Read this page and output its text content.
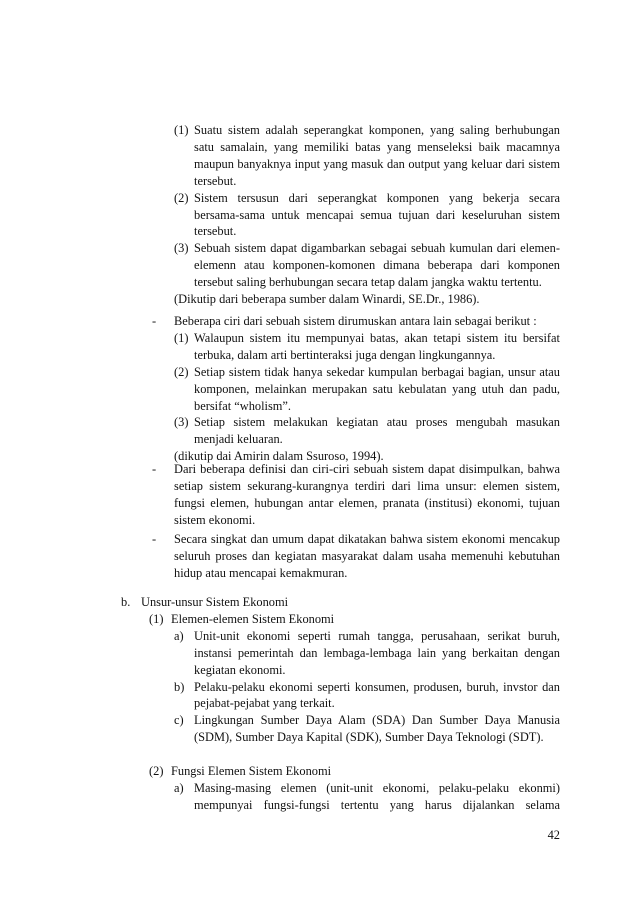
(1) Suatu sistem adalah seperangkat komponen, yang saling berhubungan satu samalain, yang memiliki batas yang menseleksi baik macamnya maupun banyaknya input yang masuk dan output yang keluar dari sistem tersebut.
(2) Sistem tersusun dari seperangkat komponen yang bekerja secara bersama-sama untuk mencapai semua tujuan dari keseluruhan sistem tersebut.
(3) Sebuah sistem dapat digambarkan sebagai sebuah kumulan dari elemen-elemenn atau komponen-komonen dimana beberapa dari komponen tersebut saling berhubungan secara tetap dalam jangka waktu tertentu.
(Dikutip dari beberapa sumber dalam Winardi, SE.Dr., 1986).
-	Beberapa ciri dari sebuah sistem dirumuskan antara lain sebagai berikut :
(1) Walaupun sistem itu mempunyai batas, akan tetapi sistem itu bersifat terbuka, dalam arti bertinteraksi juga dengan lingkungannya.
(2) Setiap sistem tidak hanya sekedar kumpulan berbagai bagian, unsur atau komponen, melainkan merupakan satu kebulatan yang utuh dan padu, bersifat “wholism”.
(3) Setiap sistem melakukan kegiatan atau proses mengubah masukan menjadi keluaran.
(dikutip dai Amirin dalam Ssuroso, 1994).
-	Dari beberapa definisi dan ciri-ciri sebuah sistem dapat disimpulkan, bahwa setiap sistem sekurang-kurangnya terdiri dari lima unsur: elemen sistem, fungsi elemen, hubungan antar elemen, pranata (institusi) ekonomi, tujuan sistem ekonomi.
-	Secara singkat dan umum dapat dikatakan bahwa sistem ekonomi mencakup seluruh proses dan kegiatan masyarakat dalam usaha memenuhi kebutuhan hidup atau mencapai kemakmuran.
b. Unsur-unsur Sistem Ekonomi
(1) Elemen-elemen Sistem Ekonomi
a) Unit-unit ekonomi seperti rumah tangga, perusahaan, serikat buruh, instansi pemerintah dan lembaga-lembaga lain yang berkaitan dengan kegiatan ekonomi.
b) Pelaku-pelaku ekonomi seperti konsumen, produsen, buruh, invstor dan pejabat-pejabat yang terkait.
c) Lingkungan Sumber Daya Alam (SDA) Dan Sumber Daya Manusia (SDM), Sumber Daya Kapital (SDK), Sumber Daya Teknologi (SDT).
(2) Fungsi Elemen Sistem Ekonomi
a) Masing-masing elemen (unit-unit ekonomi, pelaku-pelaku ekonmi) mempunyai fungsi-fungsi tertentu yang harus dijalankan selama
42
